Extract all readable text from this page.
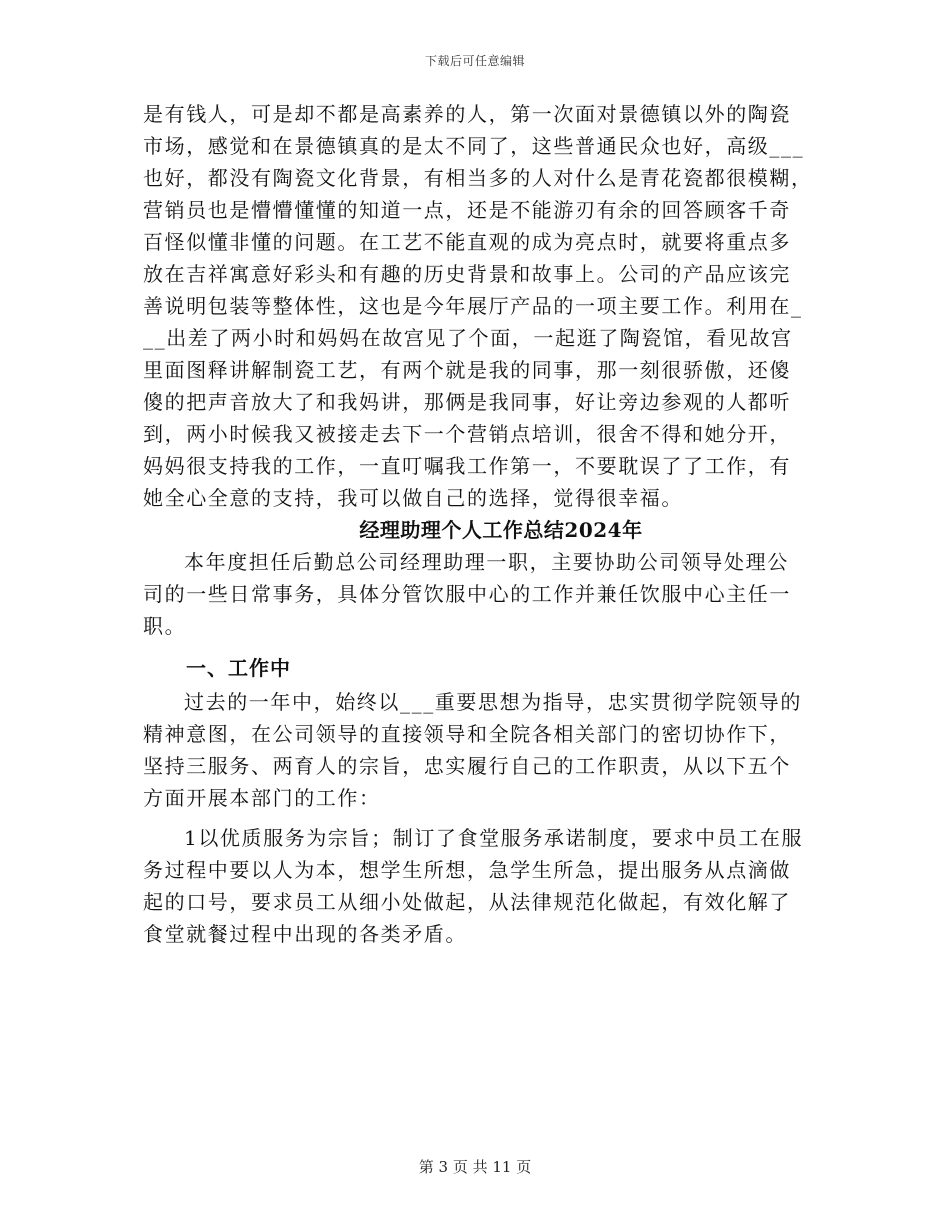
下载后可任意编辑
是有钱人，可是却不都是高素养的人，第一次面对景德镇以外的陶瓷
市场，感觉和在景德镇真的是太不同了，这些普通民众也好，高级___
也好，都没有陶瓷文化背景，有相当多的人对什么是青花瓷都很模糊，
营销员也是懵懵懂懂的知道一点，还是不能游刃有余的回答顾客千奇
百怪似懂非懂的问题。在工艺不能直观的成为亮点时，就要将重点多
放在吉祥寓意好彩头和有趣的历史背景和故事上。公司的产品应该完
善说明包装等整体性，这也是今年展厅产品的一项主要工作。利用在_
__出差了两小时和妈妈在故宫见了个面，一起逛了陶瓷馆，看见故宫
里面图释讲解制瓷工艺，有两个就是我的同事，那一刻很骄傲，还傻
傻的把声音放大了和我妈讲，那俩是我同事，好让旁边参观的人都听
到，两小时候我又被接走去下一个营销点培训，很舍不得和她分开，
妈妈很支持我的工作，一直叮嘱我工作第一，不要耽误了了工作，有
她全心全意的支持，我可以做自己的选择，觉得很幸福。
经理助理个人工作总结2024年
本年度担任后勤总公司经理助理一职，主要协助公司领导处理公
司的一些日常事务，具体分管饮服中心的工作并兼任饮服中心主任一
职。
一、工作中
过去的一年中，始终以___重要思想为指导，忠实贯彻学院领导的
精神意图，在公司领导的直接领导和全院各相关部门的密切协作下，
坚持三服务、两育人的宗旨，忠实履行自己的工作职责，从以下五个
方面开展本部门的工作：
1以优质服务为宗旨；制订了食堂服务承诺制度，要求中员工在服
务过程中要以人为本，想学生所想，急学生所急，提出服务从点滴做
起的口号，要求员工从细小处做起，从法律规范化做起，有效化解了
食堂就餐过程中出现的各类矛盾。
第 3 页 共 11 页
